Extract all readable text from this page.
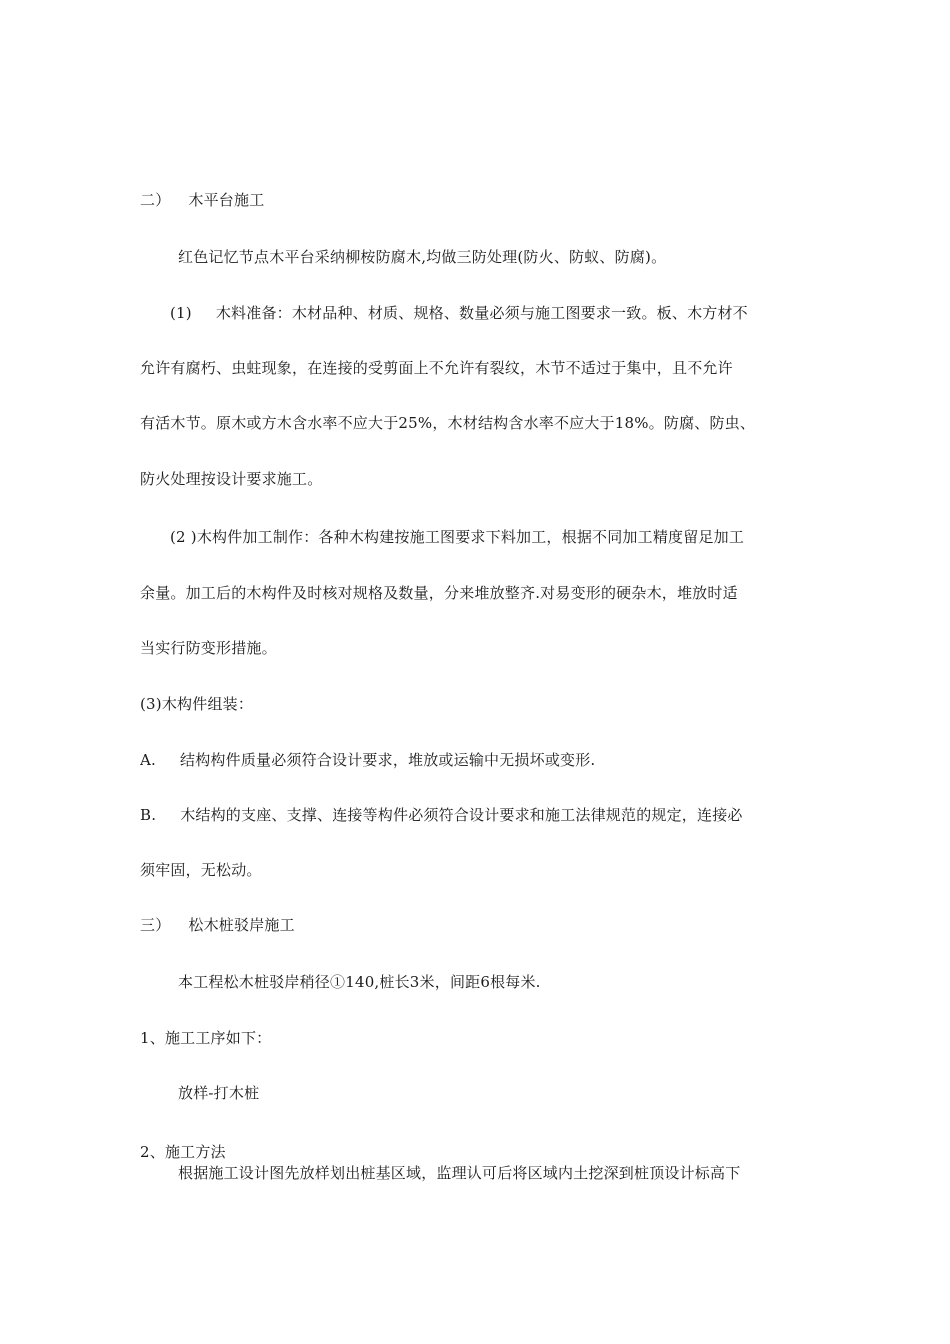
二） 木平台施工
红色记忆节点木平台采纳柳桉防腐木,均做三防处理(防火、防蚁、防腐)。
(1) 木料准备：木材品种、材质、规格、数量必须与施工图要求一致。板、木方材不
允许有腐朽、虫蛀现象，在连接的受剪面上不允许有裂纹，木节不适过于集中，且不允许
有活木节。原木或方木含水率不应大于25%，木材结构含水率不应大于18%。防腐、防虫、
防火处理按设计要求施工。
(2 )木构件加工制作：各种木构建按施工图要求下料加工，根据不同加工精度留足加工
余量。加工后的木构件及时核对规格及数量，分来堆放整齐.对易变形的硬杂木，堆放时适
当实行防变形措施。
(3)木构件组装：
A. 结构构件质量必须符合设计要求，堆放或运输中无损坏或变形.
B. 木结构的支座、支撑、连接等构件必须符合设计要求和施工法律规范的规定，连接必
须牢固，无松动。
三） 松木桩驳岸施工
本工程松木桩驳岸稍径①140,桩长3米，间距6根每米.
1、施工工序如下：
放样-打木桩
2、施工方法
根据施工设计图先放样划出桩基区域，监理认可后将区域内土挖深到桩顶设计标高下
